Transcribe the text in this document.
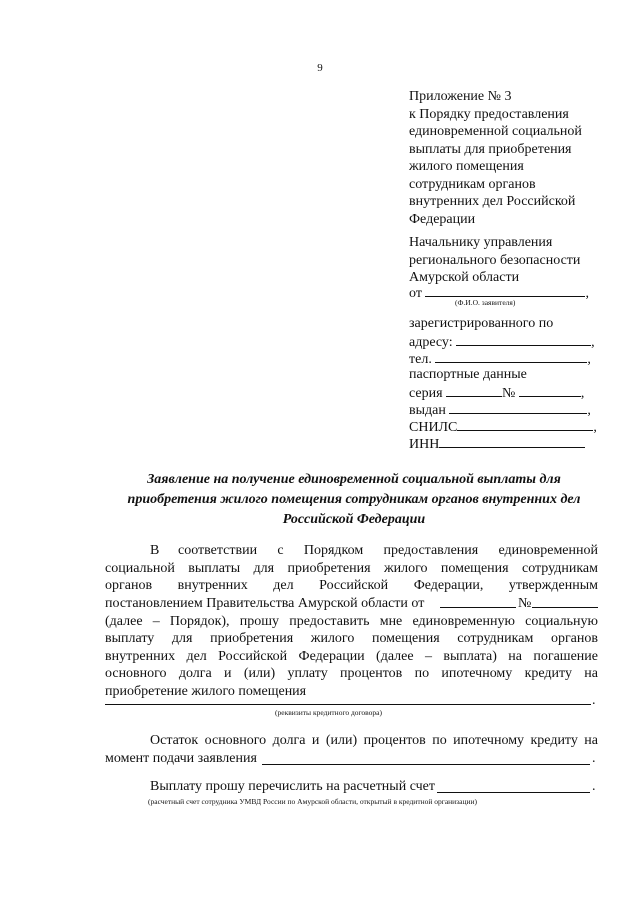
9
Приложение № 3
к Порядку предоставления
единовременной социальной
выплаты для приобретения
жилого помещения
сотрудникам органов
внутренних дел Российской
Федерации
Начальнику управления
регионального безопасности
Амурской области
от	,
(Ф.И.О. заявителя)
зарегистрированного по
адресу:	,
тел.	,
паспортные данные
серия	№	,
выдан	,
СНИЛС	,
ИНН
Заявление на получение единовременной социальной выплаты для приобретения жилого помещения сотрудникам органов внутренних дел Российской Федерации
В соответствии с Порядком предоставления единовременной
социальной выплаты для приобретения жилого помещения сотрудникам
органов внутренних дел Российской Федерации, утвержденным
постановлением Правительства Амурской области от	№
(далее – Порядок), прошу предоставить мне единовременную социальную
выплату для приобретения жилого помещения сотрудникам органов
внутренних дел Российской Федерации (далее – выплата) на погашение
основного долга и (или) уплату процентов по ипотечному кредиту на
приобретение жилого помещения
.
(реквизиты кредитного договора)
Остаток основного долга и (или) процентов по ипотечному кредиту на
момент подачи заявления	.
Выплату прошу перечислить на расчетный счет	.
(расчетный счет сотрудника УМВД России по Амурской области, открытый в кредитной организации)
